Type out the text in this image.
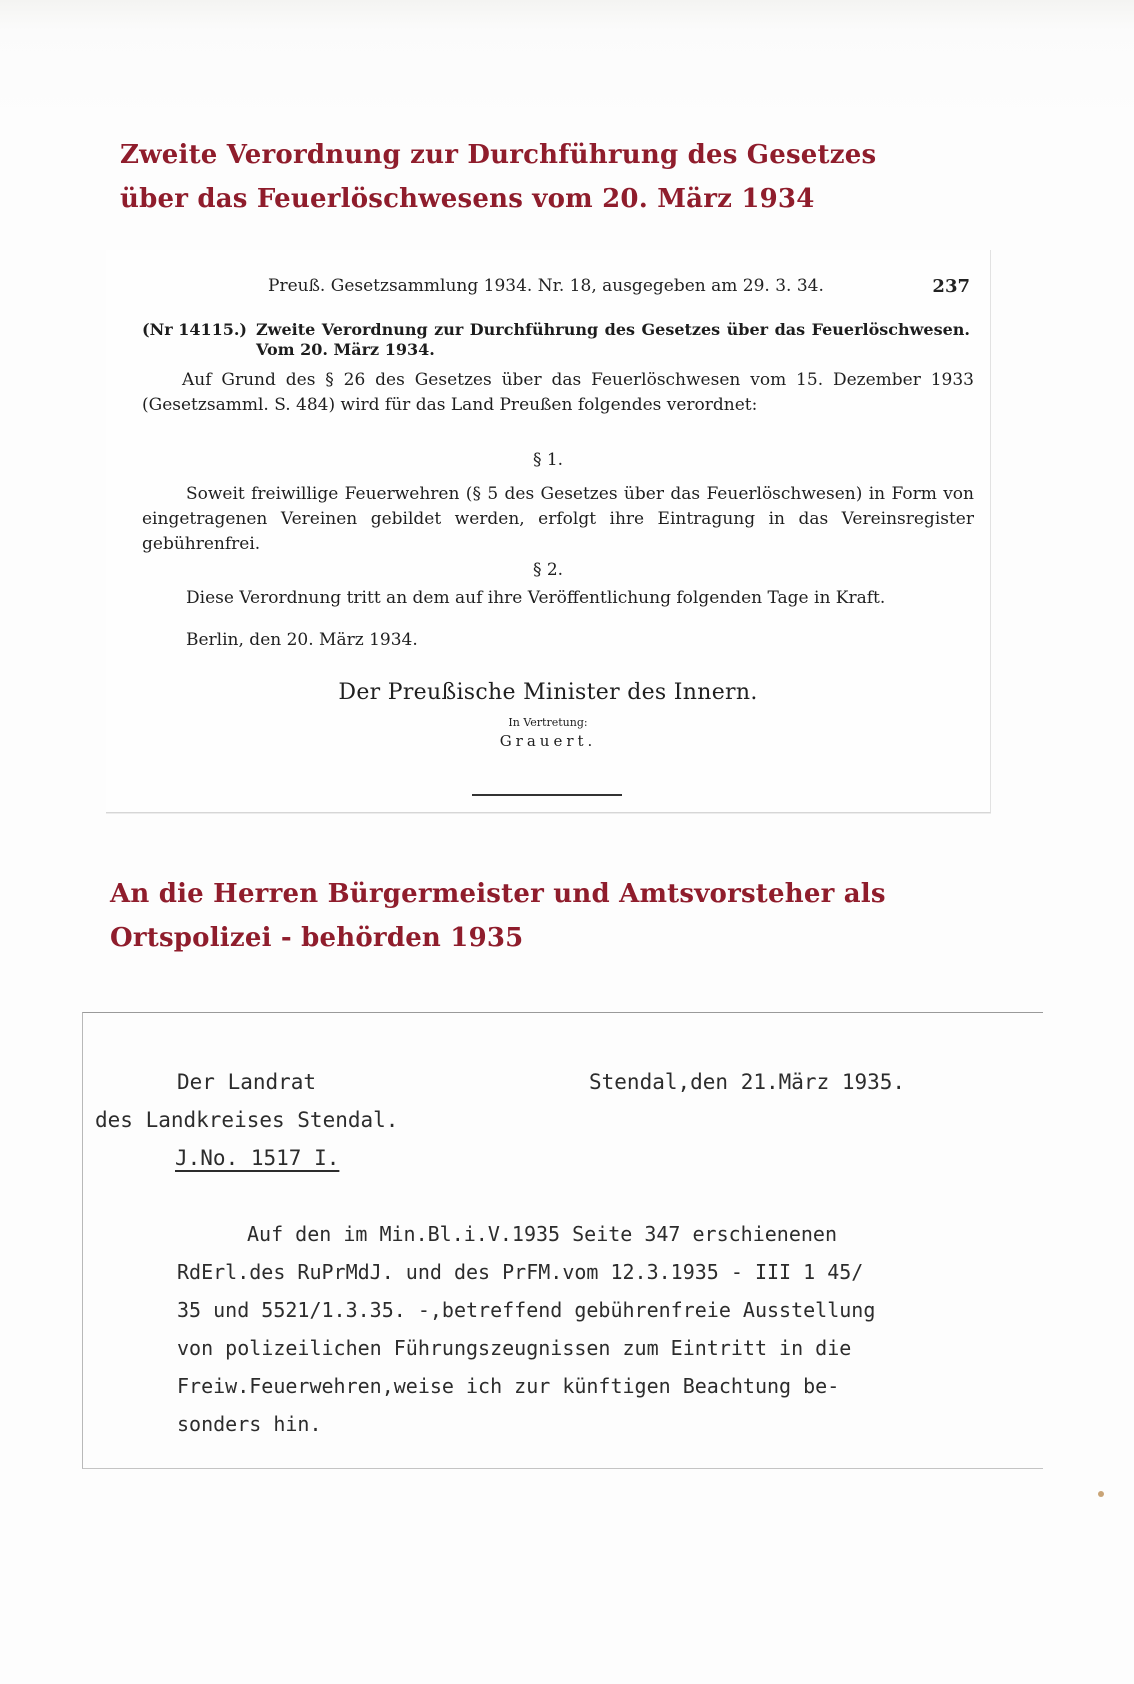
Zweite Verordnung zur Durchführung des Gesetzes über das Feuerlöschwesens vom 20. März 1934
Preuß. Gesetzsammlung 1934. Nr. 18, ausgegeben am 29. 3. 34.	237
(Nr 14115.) Zweite Verordnung zur Durchführung des Gesetzes über das Feuerlöschwesen. Vom 20. März 1934.
Auf Grund des § 26 des Gesetzes über das Feuerlöschwesen vom 15. Dezember 1933 (Gesetzsamml. S. 484) wird für das Land Preußen folgendes verordnet:
§ 1.
Soweit freiwillige Feuerwehren (§ 5 des Gesetzes über das Feuerlöschwesen) in Form von eingetragenen Vereinen gebildet werden, erfolgt ihre Eintragung in das Vereinsregister gebührenfrei.
§ 2.
Diese Verordnung tritt an dem auf ihre Veröffentlichung folgenden Tage in Kraft.
Berlin, den 20. März 1934.
Der Preußische Minister des Innern.
In Vertretung:
Grauert.
An die Herren Bürgermeister und Amtsvorsteher als Ortspolizei - behörden 1935
Der Landrat
des Landkreises Stendal.
J.No. 1517 I.
Stendal,den 21.März 1935.
Auf den im Min.Bl.i.V.1935 Seite 347 erschienenen
RdErl.des RuPrMdJ. und des PrFM.vom 12.3.1935 - III 1 45/
35 und 5521/1.3.35. -,betreffend gebührenfreie Ausstellung
von polizeilichen Führungszeugnissen zum Eintritt in die
Freiw.Feuerwehren,weise ich zur künftigen Beachtung be-
sonders hin.
